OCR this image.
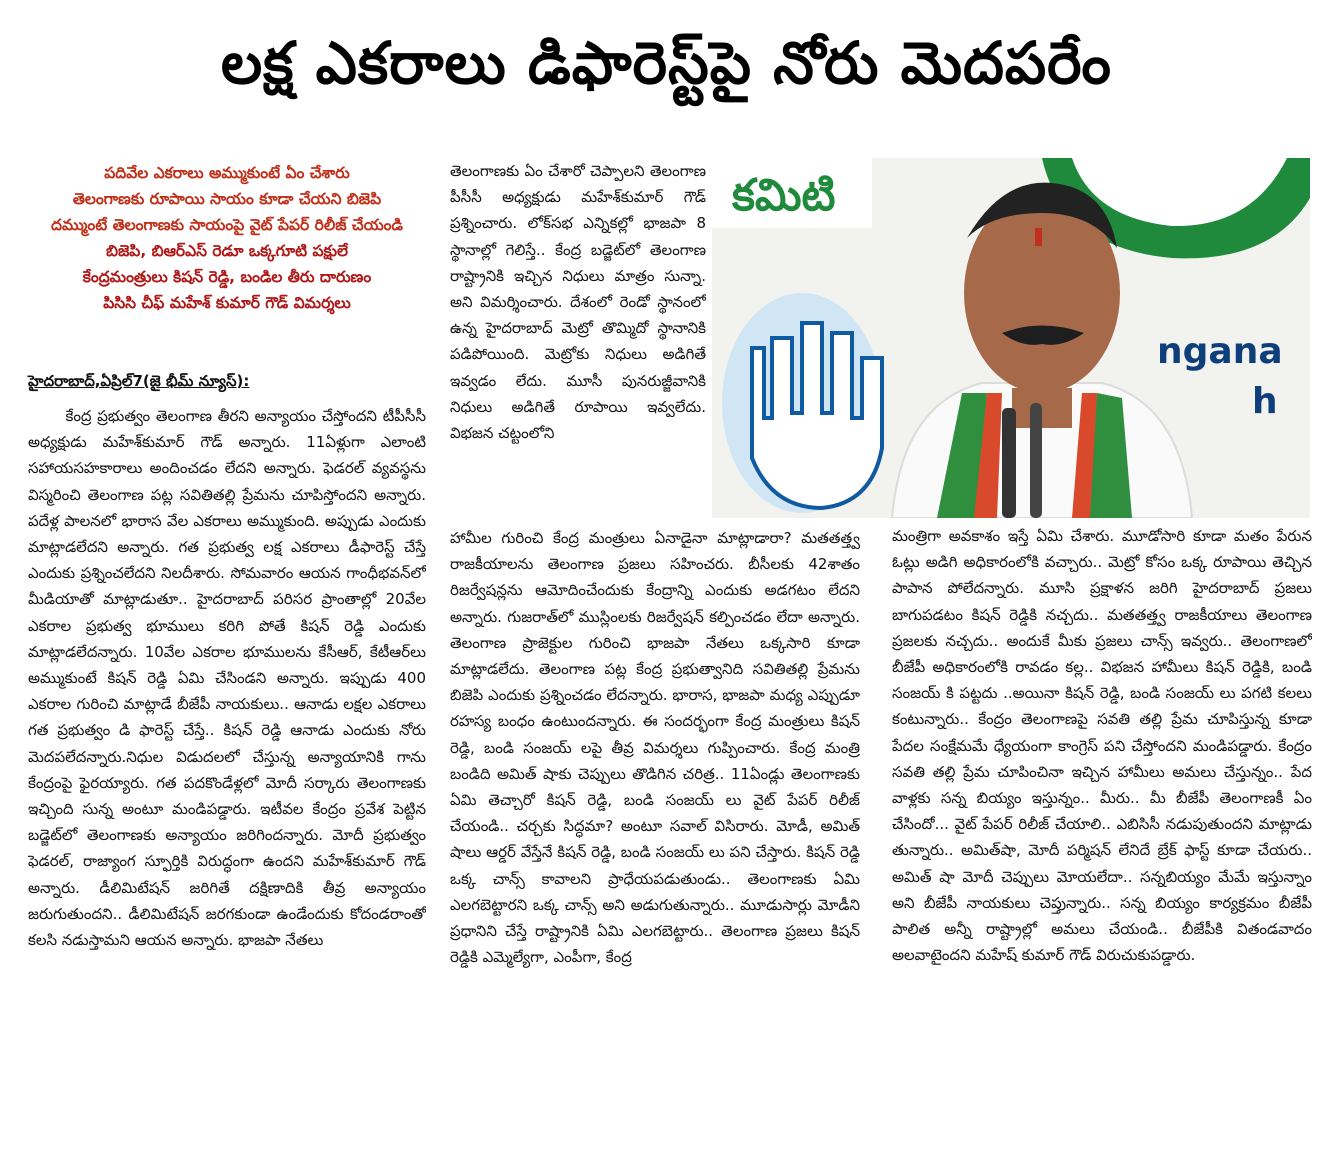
లక్ష ఎకరాలు డిఫారెస్ట్‌పై నోరు మెదపరేం
పదివేల ఎకరాలు అమ్ముకుంటే ఏం చేశారు
తెలంగాణకు రూపాయి సాయం కూడా చేయని బిజెపి
దమ్ముంటే తెలంగాణకు సాయంపై వైట్ పేపర్ రిలీజ్ చేయండి
బిజెపి, బిఆర్ఎస్ రెడూ ఒక్కగూటి పక్షులే
కేంద్రమంత్రులు కిషన్ రెడ్డి, బండిల తీరు దారుణం
పిసిసి చీఫ్ మహేశ్ కుమార్ గౌడ్ విమర్శలు
హైదరాబాద్,ఏప్రిల్7(జై భీమ్ న్యూస్):

కేంద్ర ప్రభుత్వం తెలంగాణ తీరని అన్యాయం చేస్తోందని టీపీసీసీ అధ్యక్షుడు మహేశ్‌కుమార్ గౌడ్ అన్నారు. 11ఏళ్లుగా ఎలాంటి సహాయసహకారాలు అందించడం లేదని అన్నారు. ఫెడరల్ వ్యవస్థను విస్మరించి తెలంగాణ పట్ల సవితితల్లి ప్రేమను చూపిస్తోందని అన్నారు. పదేళ్ల పాలనలో భారాస వేల ఎకరాలు అమ్ముకుంది. అప్పుడు ఎందుకు మాట్లాడలేదని అన్నారు. గత ప్రభుత్వ లక్ష ఎకరాలు డీఫారెస్ట్ చేస్తే ఎందుకు ప్రశ్నించలేదని నిలదీశారు. సోమవారం ఆయన గాంధీభవన్‌లో మీడియాతో మాట్లాడుతూ.. హైదరాబాద్ పరిసర ప్రాంతాల్లో 20వేల ఎకరాల ప్రభుత్వ భూములు కరిగి పోతే కిషన్ రెడ్డి ఎందుకు మాట్లాడలేదన్నారు. 10వేల ఎకరాల భూములను కేసీఆర్, కేటీఆర్‌లు అమ్ముకుంటే కిషన్ రెడ్డి ఏమి చేసిండని అన్నారు. ఇప్పుడు 400 ఎకరాల గురించి మాట్లాడే బీజేపీ నాయకులు.. ఆనాడు లక్షల ఎకరాలు గత ప్రభుత్వం డి ఫారెస్ట్ చేస్తే.. కిషన్ రెడ్డి ఆనాడు ఎందుకు నోరు మెదపలేదన్నారు.నిధుల విడుదలలో చేస్తున్న అన్యాయానికి గాను కేంద్రంపై ఫైరయ్యారు. గత పదకొండేళ్లలో మోదీ సర్కారు తెలంగాణకు ఇచ్చింది సున్న అంటూ మండిపడ్డారు. ఇటీవల కేంద్రం ప్రవేశ పెట్టిన బడ్జెట్‌లో తెలంగాణకు అన్యాయం జరిగిందన్నారు. మోదీ ప్రభుత్వం ఫెడరల్, రాజ్యాంగ స్ఫూర్తికి విరుద్ధంగా ఉందని మహేశ్‌కుమార్ గౌడ్ అన్నారు. డీలిమిటేషన్ జరిగితే దక్షిణాదికి తీవ్ర అన్యాయం జరుగుతుందని.. డీలిమిటేషన్ జరగకుండా ఉండేందుకు కోదండరాంతో కలసి నడుస్తామని ఆయన అన్నారు. భాజపా నేతలు

తెలంగాణకు ఏం చేశారో చెప్పాలని తెలంగాణ పీసీసీ అధ్యక్షుడు మహేశ్‌కుమార్ గౌడ్ ప్రశ్నించారు. లోక్‌సభ ఎన్నికల్లో భాజపా 8 స్థానాల్లో గెలిస్తే.. కేంద్ర బడ్జెట్‌లో తెలంగాణ రాష్ట్రానికి ఇచ్చిన నిధులు మాత్రం సున్నా. అని విమర్శించారు. దేశంలో రెండో స్థానంలో ఉన్న హైదరాబాద్ మెట్రో తొమ్మిదో స్థానానికి పడిపోయింది. మెట్రోకు నిధులు అడిగితే ఇవ్వడం లేదు. మూసీ పునరుజ్జీవానికి నిధులు అడిగితే రూపాయి ఇవ్వలేదు. విభజన చట్టంలోని

హామీల గురించి కేంద్ర మంత్రులు ఏనాడైనా మాట్లాడారా? మతతత్త్వ రాజకీయాలను తెలంగాణ ప్రజలు సహించరు. బీసీలకు 42శాతం రిజర్వేషన్లను ఆమోదించేందుకు కేంద్రాన్ని ఎందుకు అడగటం లేదని అన్నారు. గుజరాత్‌లో ముస్లింలకు రిజర్వేషన్ కల్పించడం లేదా అన్నారు. తెలంగాణ ప్రాజెక్టుల గురించి భాజపా నేతలు ఒక్కసారి కూడా మాట్లాడలేదు. తెలంగాణ పట్ల కేంద్ర ప్రభుత్వానిది సవితితల్లి ప్రేమను బిజెపి ఎందుకు ప్రశ్నించడం లేదన్నారు. భారాస, భాజపా మధ్య ఎప్పుడూ రహస్య బంధం ఉంటుందన్నారు. ఈ సందర్భంగా కేంద్ర మంత్రులు కిషన్ రెడ్డి, బండి సంజయ్ లపై తీవ్ర విమర్శలు గుప్పించారు. కేంద్ర మంత్రి బండిది అమిత్ షాకు చెప్పులు తొడిగిన చరిత్ర.. 11ఏండ్లు తెలంగాణకు ఏమి తెచ్చారో కిషన్ రెడ్డి, బండి సంజయ్ లు వైట్ పేపర్ రిలీజ్ చేయండి.. చర్చకు సిద్ధమా? అంటూ సవాల్ విసిరారు. మోడీ, అమిత్ షాలు ఆర్డర్ వేస్తేనే కిషన్ రెడ్డి, బండి సంజయ్ లు పని చేస్తారు. కిషన్ రెడ్డి ఒక్క చాన్స్ కావాలని ప్రాధేయపడుతుండు.. తెలంగాణకు ఏమి ఎలగబెట్టారని ఒక్క చాన్స్ అని అడుగుతున్నారు.. మూడుసార్లు మోడీని ప్రధానిని చేస్తే రాష్ట్రానికి ఏమి ఎలగబెట్టారు.. తెలంగాణ ప్రజలు కిషన్ రెడ్డికి ఎమ్మెల్యేగా, ఎంపీగా, కేంద్ర

మంత్రిగా అవకాశం ఇస్తే ఏమి చేశారు. మూడోసారి కూడా మతం పేరున ఓట్లు అడిగి అధికారంలోకి వచ్చారు.. మెట్రో కోసం ఒక్క రూపాయి తెచ్చిన పాపాన పోలేదన్నారు. మూసి ప్రక్షాళన జరిగి హైదరాబాద్ ప్రజలు బాగుపడటం కిషన్ రెడ్డికి నచ్చదు.. మతతత్త్వ రాజకీయాలు తెలంగాణ ప్రజలకు నచ్చదు.. అందుకే మీకు ప్రజలు చాన్స్ ఇవ్వరు.. తెలంగాణలో బీజేపీ అధికారంలోకి రావడం కల్ల.. విభజన హామీలు కిషన్ రెడ్డికి, బండి సంజయ్ కి పట్టదు ..అయినా కిషన్ రెడ్డి, బండి సంజయ్ లు పగటి కలలు కంటున్నారు.. కేంద్రం తెలంగాణపై సవతి తల్లి ప్రేమ చూపిస్తున్న కూడా పేదల సంక్షేమమే ధ్యేయంగా కాంగ్రెస్ పని చేస్తోందని మండిపడ్డారు. కేంద్రం సవతి తల్లి ప్రేమ చూపించినా ఇచ్చిన హామీలు అమలు చేస్తున్నం.. పేద వాళ్లకు సన్న బియ్యం ఇస్తున్నం.. మీరు.. మీ బీజేపీ తెలంగాణకీ ఏం చేసిందో... వైట్ పేపర్ రిలీజ్ చేయాలి.. ఎబిసిసీ నడుపుతుందని మాట్లాడు తున్నారు.. అమిత్‌షా, మోదీ పర్మిషన్ లేనిదే బ్రేక్ ఫాస్ట్ కూడా చేయరు.. అమిత్ షా మోదీ చెప్పులు మోయలేదా.. సన్నబియ్యం మేమే ఇస్తున్నాం అని బీజేపీ నాయకులు చెప్తున్నారు.. సన్న బియ్యం కార్యక్రమం బీజేపీ పాలిత అన్నీ రాష్ట్రాల్లో అమలు చేయండి.. బీజేపీకి వితండవాదం అలవాటైందని మహేష్ కుమార్ గౌడ్ విరుచుకుపడ్డారు.

కమిటి
ngana
h
